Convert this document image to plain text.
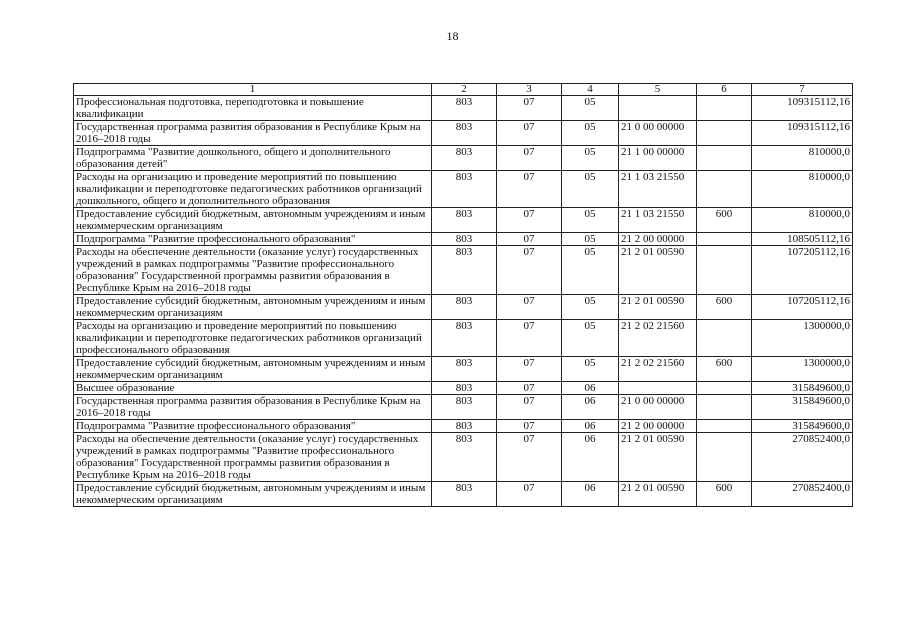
18
1	2	3	4	5	6	7
Профессиональная подготовка, переподготовка и повышение квалификации	803	07	05			109315112,16
Государственная программа развития образования в Республике Крым на 2016–2018 годы	803	07	05	21 0 00 00000		109315112,16
Подпрограмма "Развитие дошкольного, общего и дополнительного образования детей"	803	07	05	21 1 00 00000		810000,0
Расходы на организацию и проведение мероприятий по повышению квалификации и переподготовке педагогических работников организаций дошкольного, общего и дополнительного образования	803	07	05	21 1 03 21550		810000,0
Предоставление субсидий бюджетным, автономным учреждениям и иным некоммерческим организациям	803	07	05	21 1 03 21550	600	810000,0
Подпрограмма "Развитие профессионального образования"	803	07	05	21 2 00 00000		108505112,16
Расходы на обеспечение деятельности (оказание услуг) государственных учреждений в рамках подпрограммы "Развитие профессионального образования" Государственной программы развития образования в Республике Крым на 2016–2018 годы	803	07	05	21 2 01 00590		107205112,16
Предоставление субсидий бюджетным, автономным учреждениям и иным некоммерческим организациям	803	07	05	21 2 01 00590	600	107205112,16
Расходы на организацию и проведение мероприятий по повышению квалификации и переподготовке педагогических работников организаций профессионального образования	803	07	05	21 2 02 21560		1300000,0
Предоставление субсидий бюджетным, автономным учреждениям и иным некоммерческим организациям	803	07	05	21 2 02 21560	600	1300000,0
Высшее образование	803	07	06			315849600,0
Государственная программа развития образования в Республике Крым на 2016–2018 годы	803	07	06	21 0 00 00000		315849600,0
Подпрограмма "Развитие профессионального образования"	803	07	06	21 2 00 00000		315849600,0
Расходы на обеспечение деятельности (оказание услуг) государственных учреждений в рамках подпрограммы "Развитие профессионального образования" Государственной программы развития образования в Республике Крым на 2016–2018 годы	803	07	06	21 2 01 00590		270852400,0
Предоставление субсидий бюджетным, автономным учреждениям и иным некоммерческим организациям	803	07	06	21 2 01 00590	600	270852400,0
